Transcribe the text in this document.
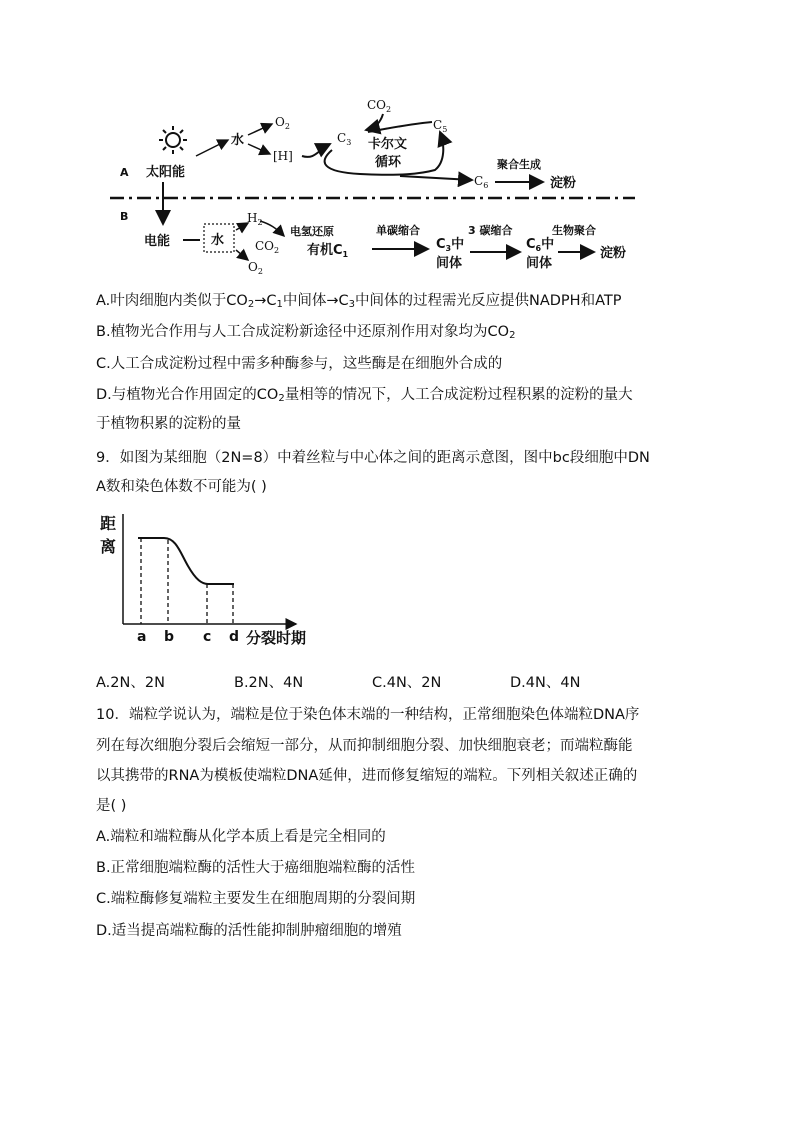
A
B
太阳能
水
$O_2$
[H]
$CO_2$
$C_3$
$C_5$
卡尔文
循环
$C_6$
聚合生成
淀粉
电能	水
$H_2$
$O_2$
$CO_2$
电氢还原
有机$C_1$
单碳缩合
$C_3$中
间体
3 碳缩合
$C_6$中
间体
生物聚合
淀粉
A.叶肉细胞内类似于$CO_2\to C_1$中间体$\to C_3$中间体的过程需光反应提供NADPH和ATP
B.植物光合作用与人工合成淀粉新途径中还原剂作用对象均为$CO_2$
C.人工合成淀粉过程中需多种酶参与，这些酶是在细胞外合成的
D.与植物光合作用固定的$CO_2$量相等的情况下，人工合成淀粉过程积累的淀粉的量大
于植物积累的淀粉的量
9．如图为某细胞（2N=8）中着丝粒与中心体之间的距离示意图，图中bc段细胞中DN
A数和染色体数不可能为( )
距
离
a b c d 分裂时期
A.2N、2N	B.2N、4N	C.4N、2N	D.4N、4N
10．端粒学说认为，端粒是位于染色体末端的一种结构，正常细胞染色体端粒DNA序
列在每次细胞分裂后会缩短一部分，从而抑制细胞分裂、加快细胞衰老；而端粒酶能
以其携带的RNA为模板使端粒DNA延伸，进而修复缩短的端粒。下列相关叙述正确的
是( )
A.端粒和端粒酶从化学本质上看是完全相同的
B.正常细胞端粒酶的活性大于癌细胞端粒酶的活性
C.端粒酶修复端粒主要发生在细胞周期的分裂间期
D.适当提高端粒酶的活性能抑制肿瘤细胞的增殖
